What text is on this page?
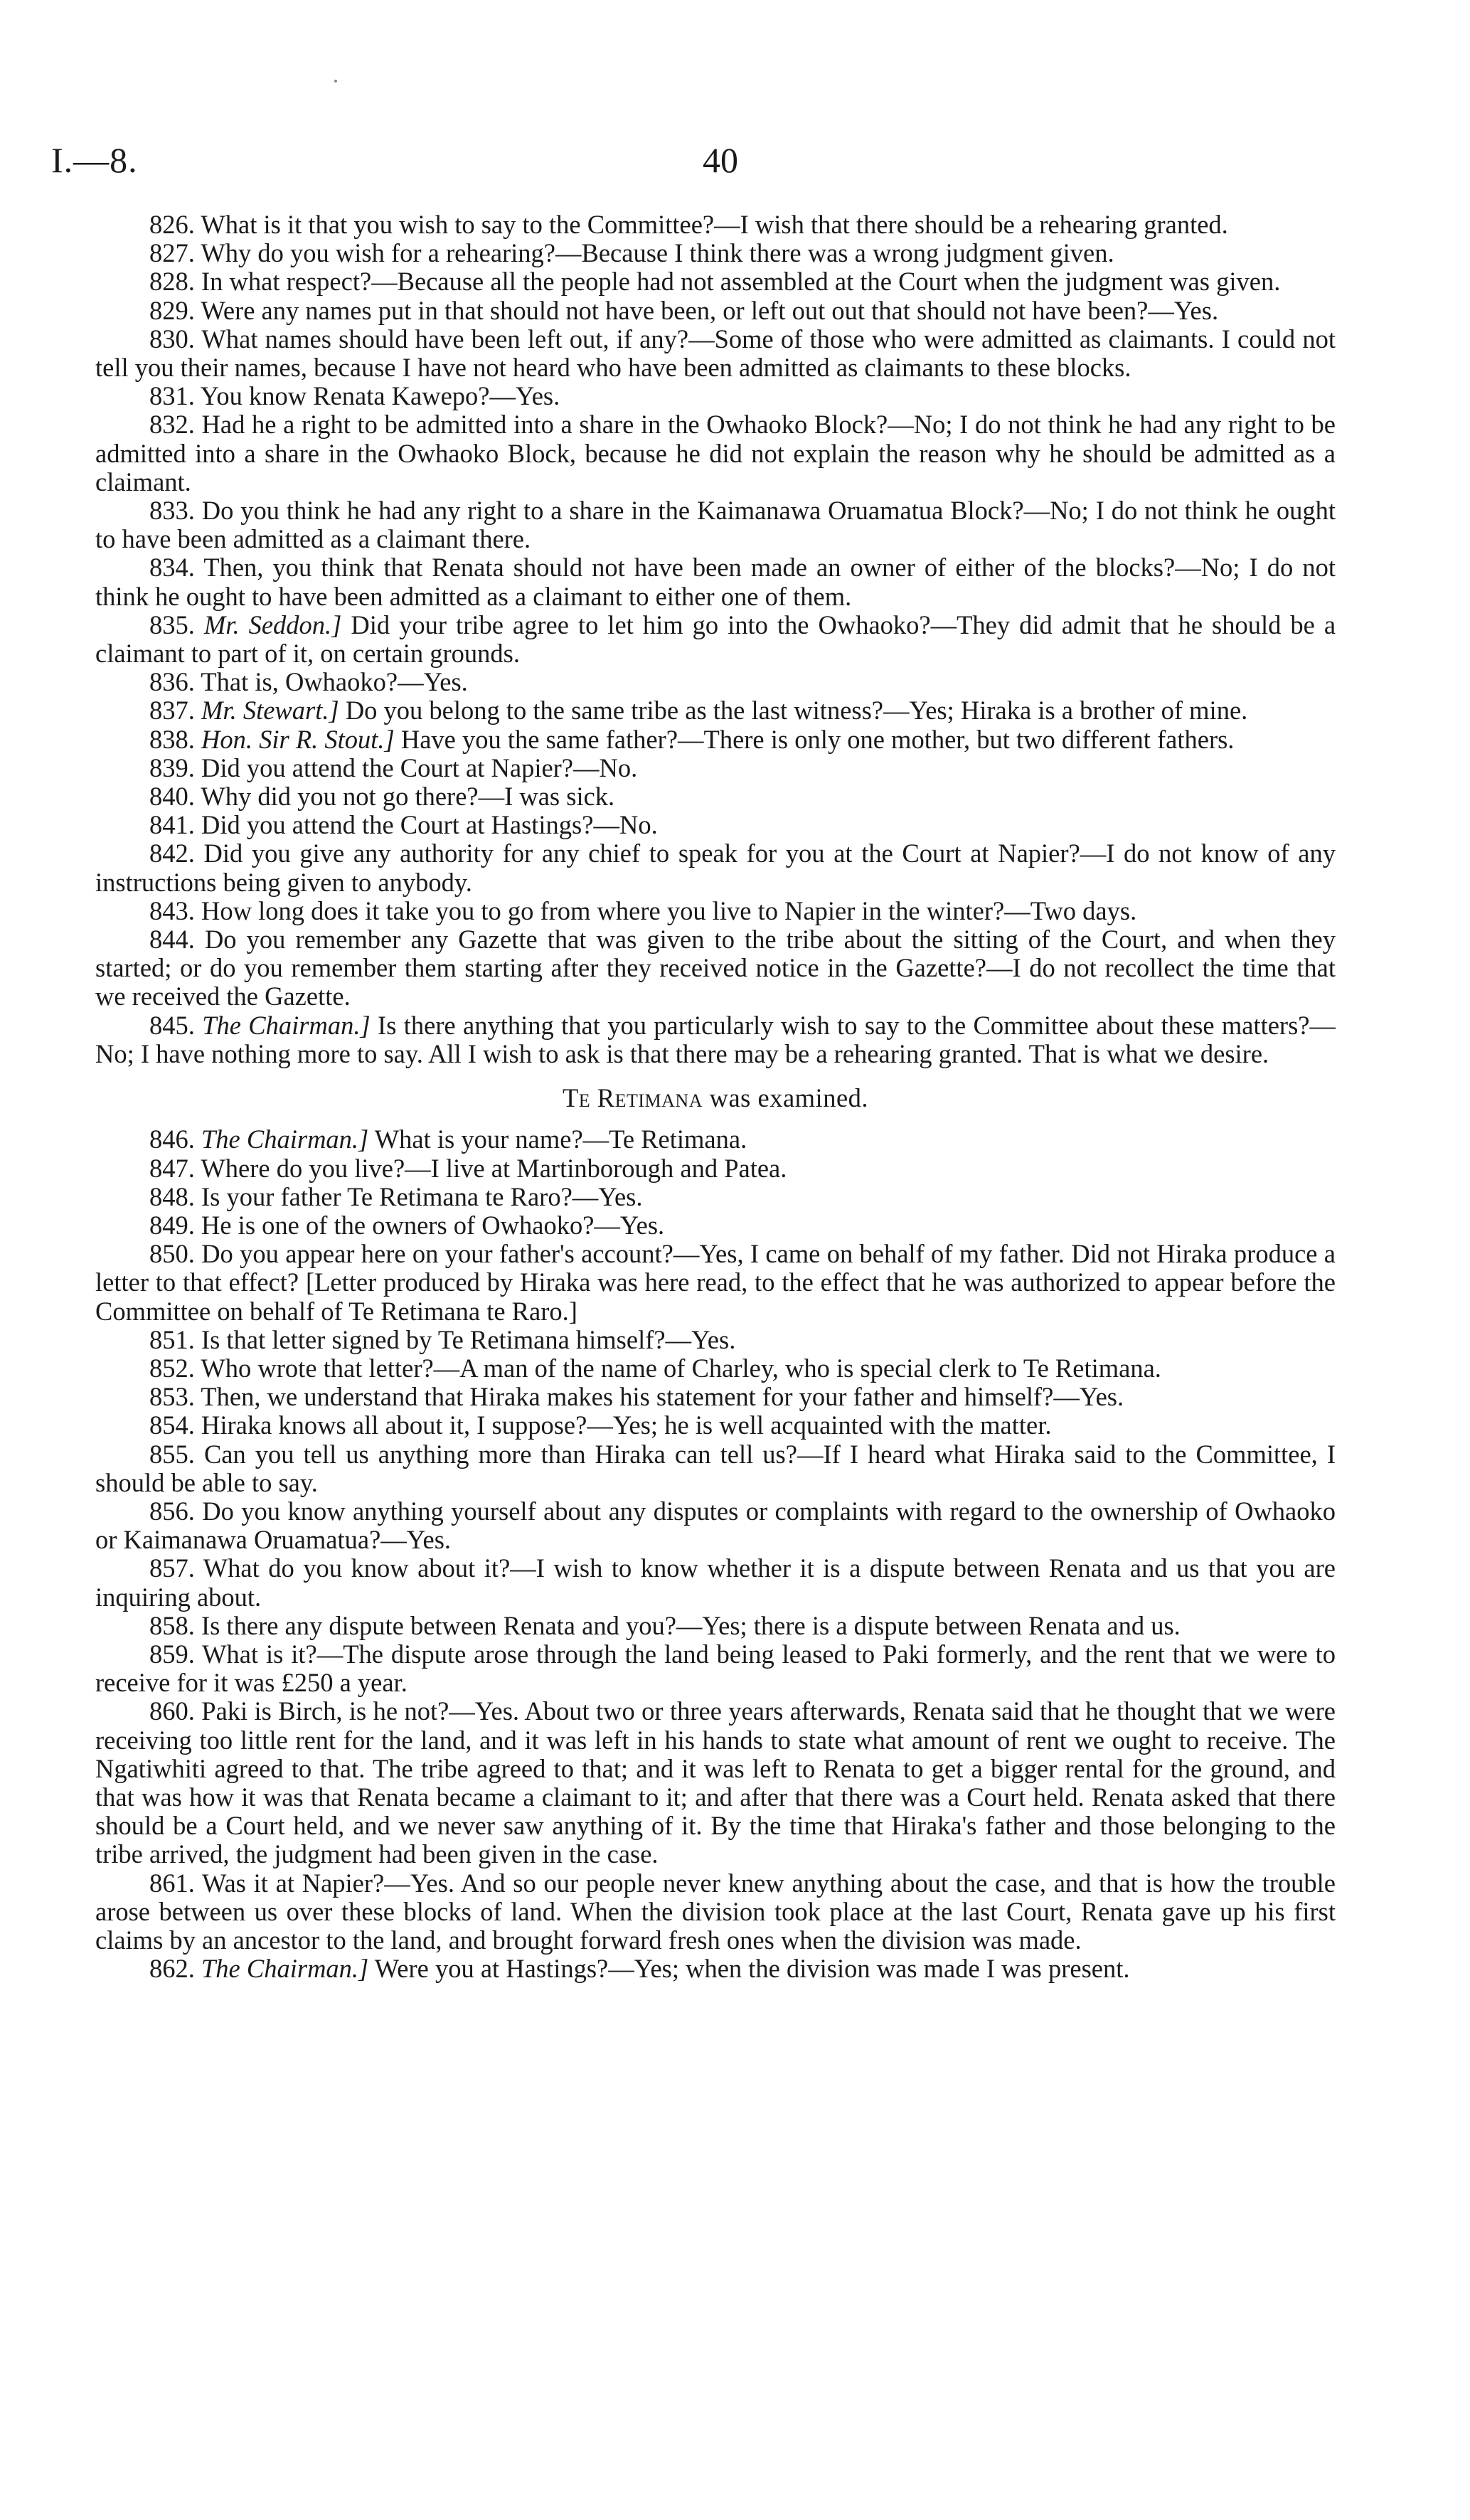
I.—8.	40

826. What is it that you wish to say to the Committee?—I wish that there should be a rehearing granted.

827. Why do you wish for a rehearing?—Because I think there was a wrong judgment given.

828. In what respect?—Because all the people had not assembled at the Court when the judgment was given.

829. Were any names put in that should not have been, or left out out that should not have been?—Yes.

830. What names should have been left out, if any?—Some of those who were admitted as claimants. I could not tell you their names, because I have not heard who have been admitted as claimants to these blocks.

831. You know Renata Kawepo?—Yes.

832. Had he a right to be admitted into a share in the Owhaoko Block?—No; I do not think he had any right to be admitted into a share in the Owhaoko Block, because he did not explain the reason why he should be admitted as a claimant.

833. Do you think he had any right to a share in the Kaimanawa Oruamatua Block?—No; I do not think he ought to have been admitted as a claimant there.

834. Then, you think that Renata should not have been made an owner of either of the blocks?—No; I do not think he ought to have been admitted as a claimant to either one of them.

835. Mr. Seddon.] Did your tribe agree to let him go into the Owhaoko?—They did admit that he should be a claimant to part of it, on certain grounds.

836. That is, Owhaoko?—Yes.

837. Mr. Stewart.] Do you belong to the same tribe as the last witness?—Yes; Hiraka is a brother of mine.

838. Hon. Sir R. Stout.] Have you the same father?—There is only one mother, but two different fathers.

839. Did you attend the Court at Napier?—No.

840. Why did you not go there?—I was sick.

841. Did you attend the Court at Hastings?—No.

842. Did you give any authority for any chief to speak for you at the Court at Napier?—I do not know of any instructions being given to anybody.

843. How long does it take you to go from where you live to Napier in the winter?—Two days.

844. Do you remember any Gazette that was given to the tribe about the sitting of the Court, and when they started; or do you remember them starting after they received notice in the Gazette?—I do not recollect the time that we received the Gazette.

845. The Chairman.] Is there anything that you particularly wish to say to the Committee about these matters?—No; I have nothing more to say. All I wish to ask is that there may be a rehearing granted. That is what we desire.

Te Retimana was examined.

846. The Chairman.] What is your name?—Te Retimana.

847. Where do you live?—I live at Martinborough and Patea.

848. Is your father Te Retimana te Raro?—Yes.

849. He is one of the owners of Owhaoko?—Yes.

850. Do you appear here on your father's account?—Yes, I came on behalf of my father. Did not Hiraka produce a letter to that effect? [Letter produced by Hiraka was here read, to the effect that he was authorized to appear before the Committee on behalf of Te Retimana te Raro.]

851. Is that letter signed by Te Retimana himself?—Yes.

852. Who wrote that letter?—A man of the name of Charley, who is special clerk to Te Retimana.

853. Then, we understand that Hiraka makes his statement for your father and himself?—Yes.

854. Hiraka knows all about it, I suppose?—Yes; he is well acquainted with the matter.

855. Can you tell us anything more than Hiraka can tell us?—If I heard what Hiraka said to the Committee, I should be able to say.

856. Do you know anything yourself about any disputes or complaints with regard to the ownership of Owhaoko or Kaimanawa Oruamatua?—Yes.

857. What do you know about it?—I wish to know whether it is a dispute between Renata and us that you are inquiring about.

858. Is there any dispute between Renata and you?—Yes; there is a dispute between Renata and us.

859. What is it?—The dispute arose through the land being leased to Paki formerly, and the rent that we were to receive for it was £250 a year.

860. Paki is Birch, is he not?—Yes. About two or three years afterwards, Renata said that he thought that we were receiving too little rent for the land, and it was left in his hands to state what amount of rent we ought to receive. The Ngatiwhiti agreed to that. The tribe agreed to that; and it was left to Renata to get a bigger rental for the ground, and that was how it was that Renata became a claimant to it; and after that there was a Court held. Renata asked that there should be a Court held, and we never saw anything of it. By the time that Hiraka's father and those belonging to the tribe arrived, the judgment had been given in the case.

861. Was it at Napier?—Yes. And so our people never knew anything about the case, and that is how the trouble arose between us over these blocks of land. When the division took place at the last Court, Renata gave up his first claims by an ancestor to the land, and brought forward fresh ones when the division was made.

862. The Chairman.] Were you at Hastings?—Yes; when the division was made I was present.
